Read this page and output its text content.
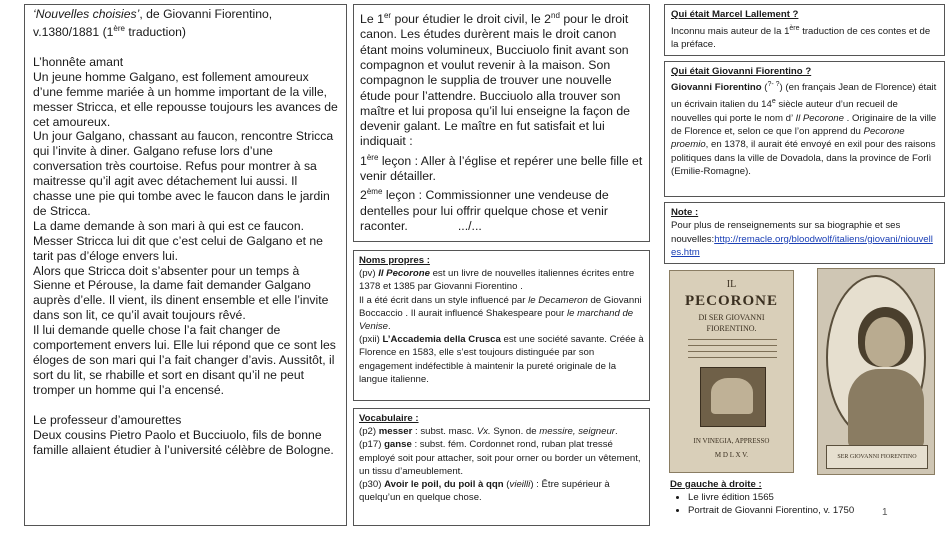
‘Nouvelles choisies’, de Giovanni Fiorentino,
v.1380/1881 (1ère traduction)

L’honnête amant

Un jeune homme Galgano, est follement amoureux d’une femme mariée à un homme important de la ville, messer Stricca, et elle repousse toujours les avances de cet amoureux.

Un jour Galgano, chassant au faucon, rencontre Stricca qui l’invite à diner. Galgano refuse lors d’une conversation très courtoise. Refus pour montrer à sa maitresse qu’il agit avec détachement lui aussi. Il chasse une pie qui tombe avec le faucon dans le jardin de Stricca.

La dame demande à son mari à qui est ce faucon. Messer Stricca lui dit que c’est celui de Galgano et ne tarit pas d’éloge envers lui.

Alors que Stricca doit s’absenter pour un temps à Sienne et Pérouse, la dame fait demander Galgano auprès d’elle. Il vient, ils dinent ensemble et elle l’invite dans son lit, ce qu’il avait toujours rêvé.

Il lui demande quelle chose l’a fait changer de comportement envers lui. Elle lui répond que ce sont les éloges de son mari qui l’a fait changer d’avis. Aussitôt, il sort du lit, se rhabille et sort en disant qu’il ne peut tromper un homme qui l’a encensé.

Le professeur d’amourettes

Deux cousins Pietro Paolo et Bucciuolo, fils de bonne famille allaient étudier à l’université célèbre de Bologne.

Le 1er pour étudier le droit civil, le 2nd pour le droit canon. Les études durèrent mais le droit canon étant moins volumineux, Bucciuolo finit avant son compagnon et voulut revenir à la maison. Son compagnon le supplia de trouver une nouvelle étude pour l’attendre. Bucciuolo alla trouver son maître et lui proposa qu’il lui enseigne la façon de devenir galant. Le maître en fut satisfait et lui indiquait :

1ère leçon : Aller à l’église et repérer une belle fille et venir détailler.

2ème leçon : Commissionner une vendeuse de dentelles pour lui offrir quelque chose et venir raconter.	.../...

Noms propres :

(pv) Il Pecorone est un livre de nouvelles italiennes écrites entre 1378 et 1385 par Giovanni Fiorentino .

Il a été écrit dans un style influencé par le Decameron de Giovanni Boccaccio . Il aurait influencé Shakespeare pour le marchand de Venise.

(pxii) L’Accademia della Crusca est une société savante. Créée à Florence en 1583, elle s’est toujours distinguée par son engagement indéfectible à maintenir la pureté originale de la langue italienne.

Vocabulaire :

(p2) messer : subst. masc. Vx. Synon. de messire, seigneur.

(p17) ganse : subst. fém. Cordonnet rond, ruban plat tressé employé soit pour attacher, soit pour orner ou border un vêtement, un tissu d’ameublement.

(p30) Avoir le poil, du poil à qqn (vieilli) : Être supérieur à quelqu’un en quelque chose.

Qui était Marcel Lallement ?

Inconnu mais auteur de la 1ère traduction de ces contes et de la préface.

Qui était Giovanni Fiorentino ?

Giovanni Fiorentino (?- ?) (en français Jean de Florence) était un écrivain italien du 14e siècle auteur d’un recueil de nouvelles qui porte le nom d’ Il Pecorone . Originaire de la ville de Florence et, selon ce que l’on apprend du Pecorone proemio, en 1378, il aurait été envoyé en exil pour des raisons politiques dans la ville de Dovadola, dans la province de Forlì (Emilie-Romagne).

Note :

Pour plus de renseignements sur sa biographie et ses nouvelles:http://remacle.org/bloodwolf/italiens/giovani/niouvelles.htm

IL
PECORONE
DI SER GIOVANNI
FIORENTINO.
IN VINEGIA, APPRESSO
M D L X V.	SER GIOVANNI FIORENTINO

De gauche à droite :

• Le livre édition 1565
• Portrait de Giovanni Fiorentino, v. 1750	1
